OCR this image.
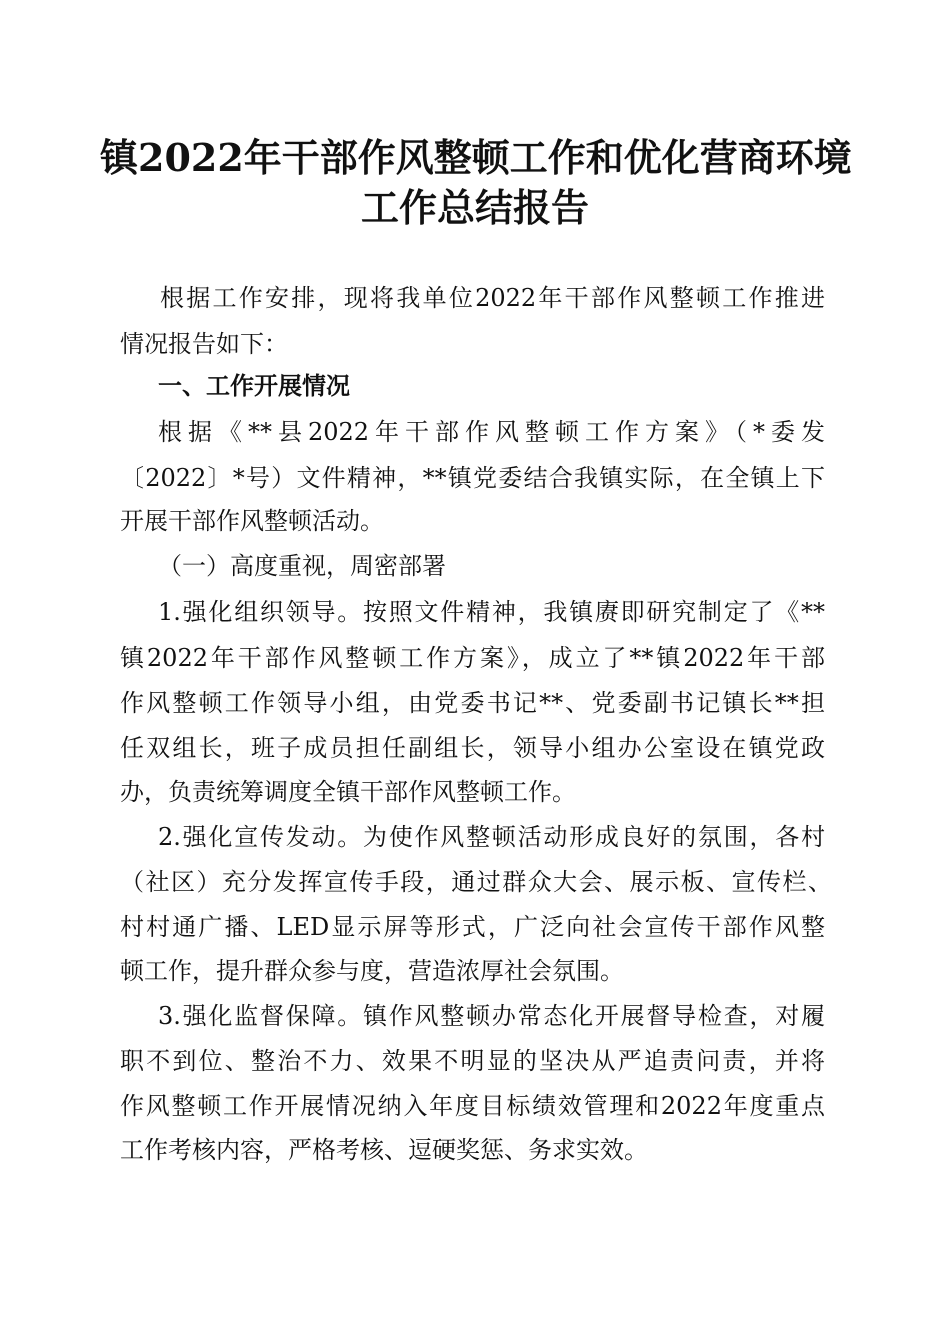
镇2022年干部作风整顿工作和优化营商环境
工作总结报告
根据工作安排，现将我单位2022年干部作风整顿工作推进
情况报告如下：
一、工作开展情况
根据《**县2022年干部作风整顿工作方案》（*委发
〔2022〕*号）文件精神，**镇党委结合我镇实际，在全镇上下
开展干部作风整顿活动。
（一）高度重视，周密部署
1.强化组织领导。按照文件精神，我镇赓即研究制定了《**
镇2022年干部作风整顿工作方案》，成立了**镇2022年干部
作风整顿工作领导小组，由党委书记**、党委副书记镇长**担
任双组长，班子成员担任副组长，领导小组办公室设在镇党政
办，负责统筹调度全镇干部作风整顿工作。
2.强化宣传发动。为使作风整顿活动形成良好的氛围，各村
（社区）充分发挥宣传手段，通过群众大会、展示板、宣传栏、
村村通广播、LED显示屏等形式，广泛向社会宣传干部作风整
顿工作，提升群众参与度，营造浓厚社会氛围。
3.强化监督保障。镇作风整顿办常态化开展督导检查，对履
职不到位、整治不力、效果不明显的坚决从严追责问责，并将
作风整顿工作开展情况纳入年度目标绩效管理和2022年度重点
工作考核内容，严格考核、逗硬奖惩、务求实效。
